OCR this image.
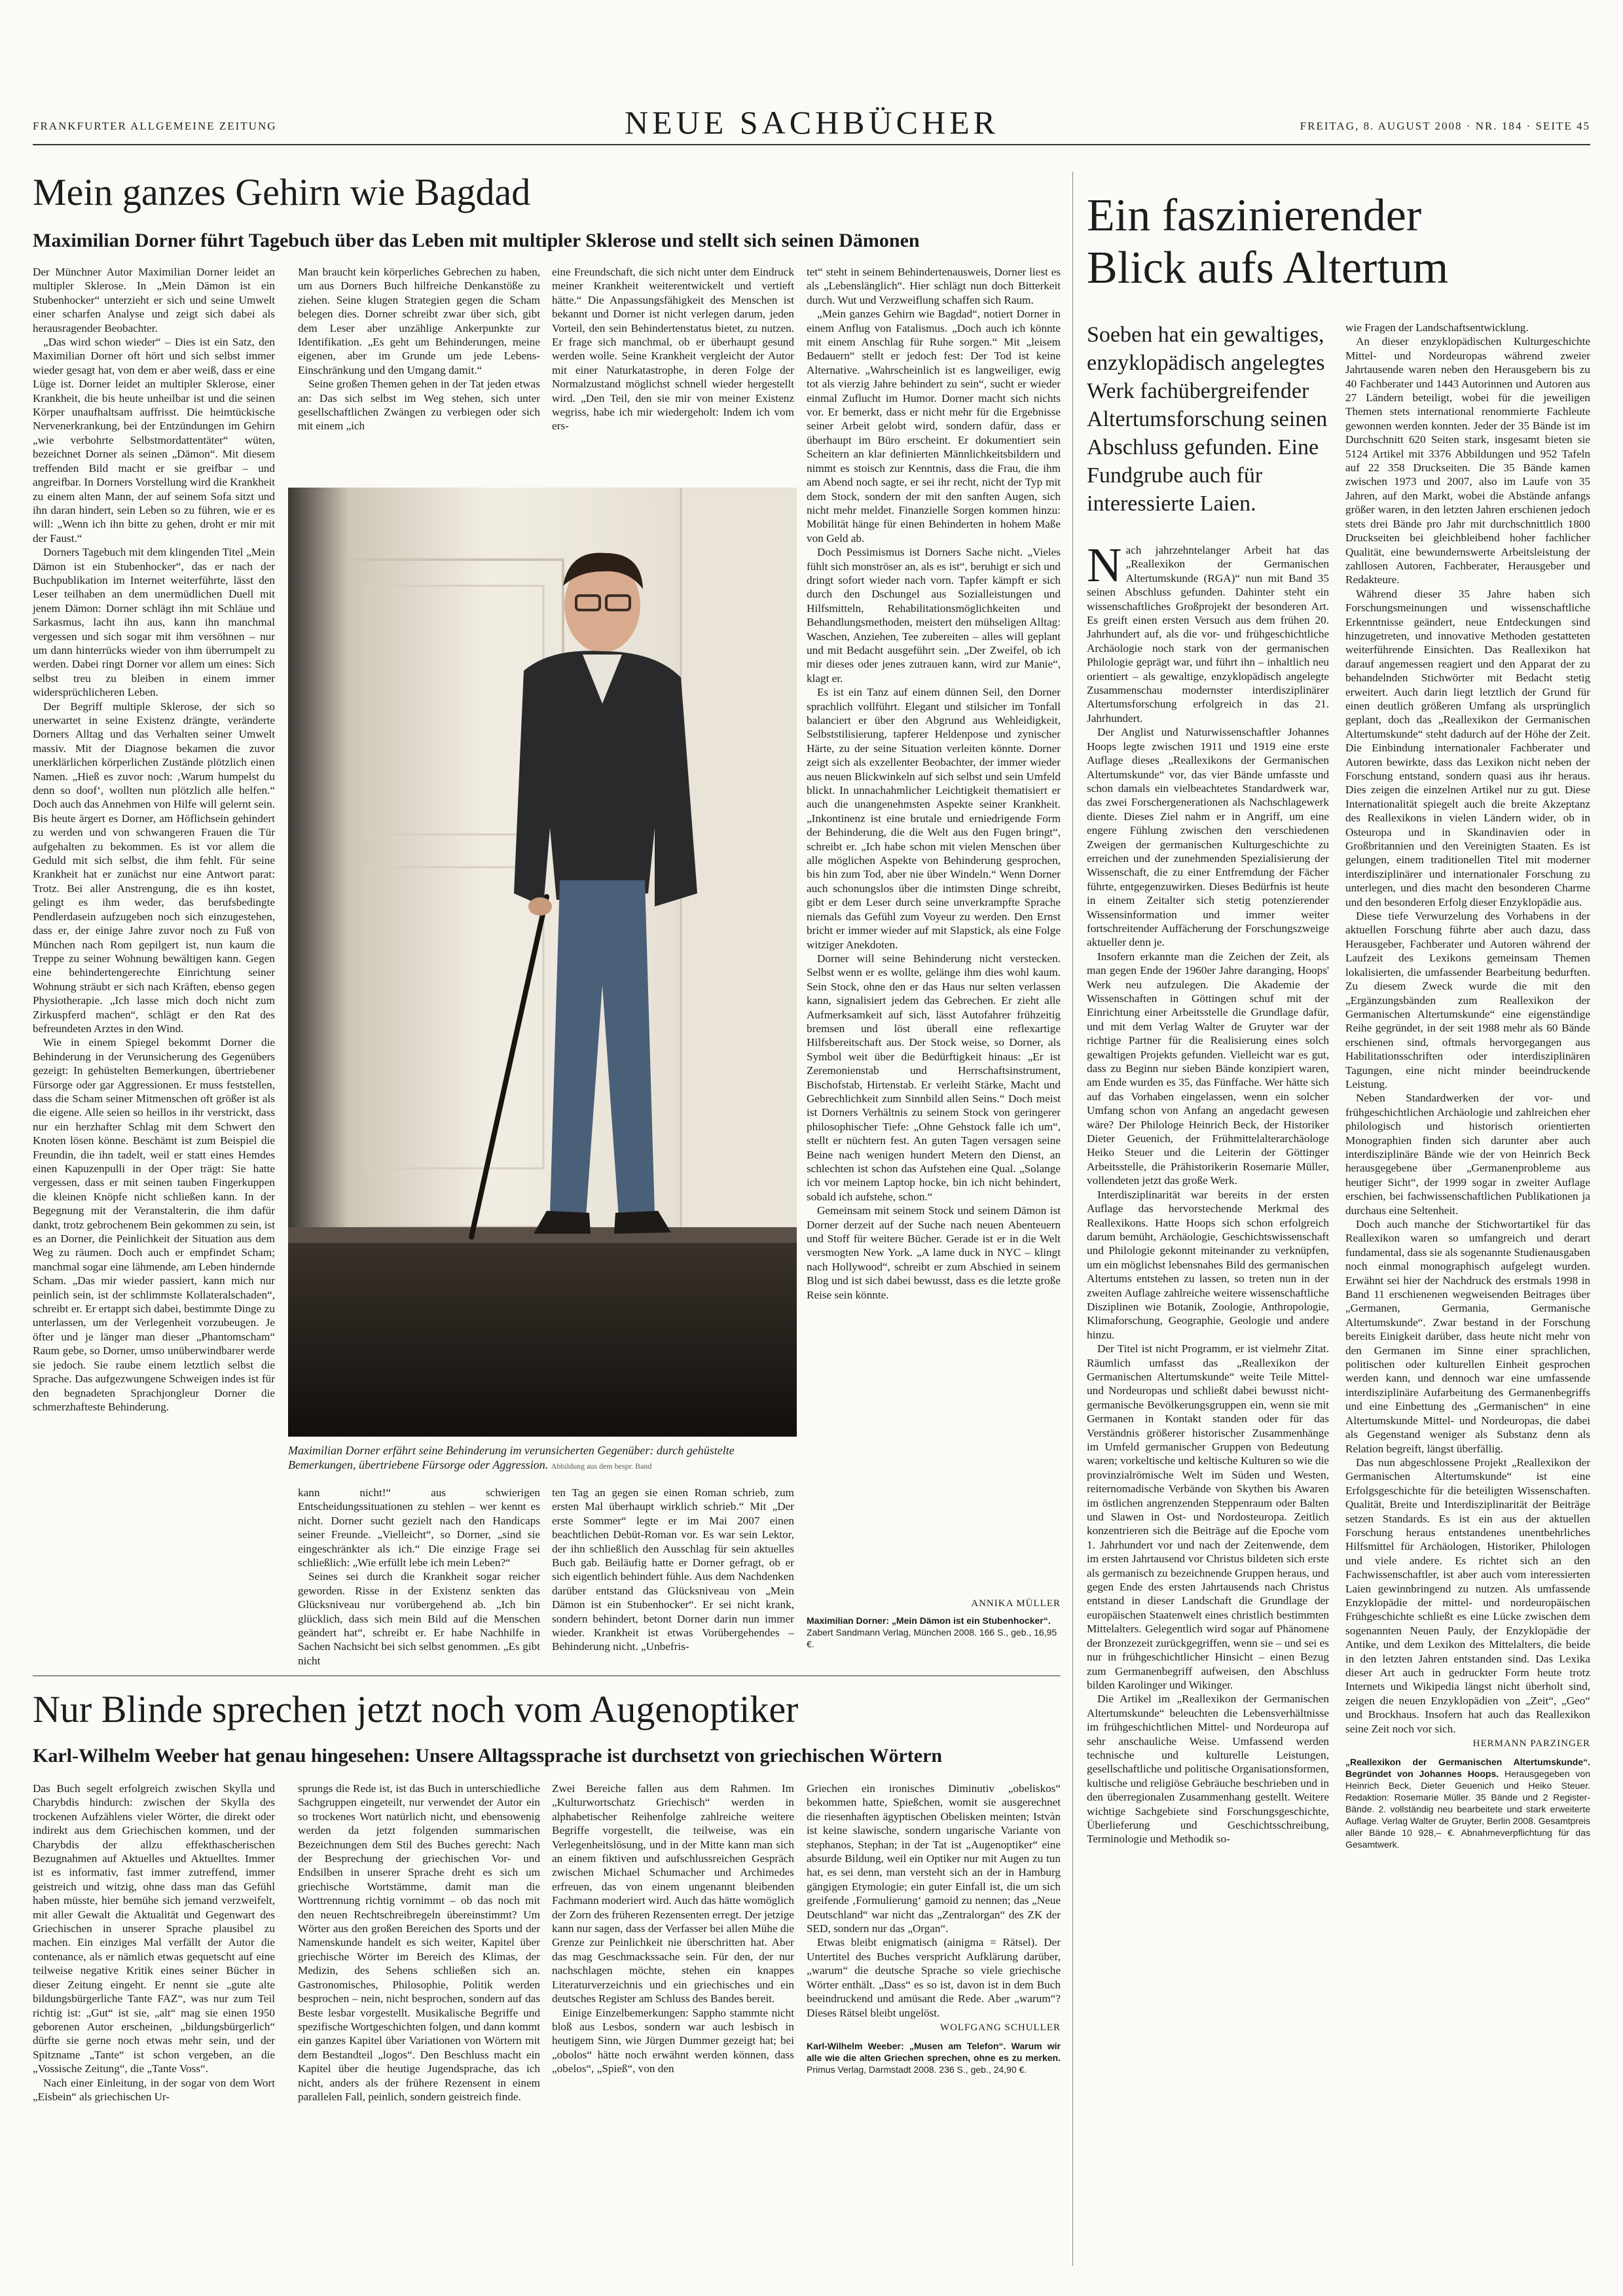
FRANKFURTER ALLGEMEINE ZEITUNG	NEUE SACHBÜCHER	FREITAG, 8. AUGUST 2008 · NR. 184 · SEITE 45
Mein ganzes Gehirn wie Bagdad
Maximilian Dorner führt Tagebuch über das Leben mit multipler Sklerose und stellt sich seinen Dämonen

Der Münchner Autor Maximilian Dorner leidet an multipler Sklerose. In „Mein Dämon ist ein Stubenhocker“ unterzieht er sich und seine Umwelt einer scharfen Analyse und zeigt sich dabei als herausragender Beobachter.

„Das wird schon wieder“ – Dies ist ein Satz, den Maximilian Dorner oft hört und sich selbst immer wieder gesagt hat, von dem er aber weiß, dass er eine Lüge ist. Dorner leidet an multipler Sklerose, einer Krankheit, die bis heute unheilbar ist und die seinen Körper unaufhaltsam auffrisst. Die heimtückische Nervenerkrankung, bei der Entzündungen im Gehirn „wie verbohrte Selbstmordattentäter“ wüten, bezeichnet Dorner als seinen „Dämon“. Mit diesem treffenden Bild macht er sie greifbar – und angreifbar. In Dorners Vorstellung wird die Krankheit zu einem alten Mann, der auf seinem Sofa sitzt und ihn daran hindert, sein Leben so zu führen, wie er es will: „Wenn ich ihn bitte zu gehen, droht er mir mit der Faust.“

Dorners Tagebuch mit dem klingenden Titel „Mein Dämon ist ein Stubenhocker“, das er nach der Buchpublikation im Internet weiterführte, lässt den Leser teilhaben an dem unermüdlichen Duell mit jenem Dämon: Dorner schlägt ihn mit Schläue und Sarkasmus, lacht ihn aus, kann ihn manchmal vergessen und sich sogar mit ihm versöhnen – nur um dann hinterrücks wieder von ihm überrumpelt zu werden. Dabei ringt Dorner vor allem um eines: Sich selbst treu zu bleiben in einem immer widersprüchlicheren Leben.

Der Begriff multiple Sklerose, der sich so unerwartet in seine Existenz drängte, veränderte Dorners Alltag und das Verhalten seiner Umwelt massiv. Mit der Diagnose bekamen die zuvor unerklärlichen körperlichen Zustände plötzlich einen Namen. „Hieß es zuvor noch: ‚Warum humpelst du denn so doof‘, wollten nun plötzlich alle helfen.“ Doch auch das Annehmen von Hilfe will gelernt sein. Bis heute ärgert es Dorner, am Höflichsein gehindert zu werden und von schwangeren Frauen die Tür aufgehalten zu bekommen. Es ist vor allem die Geduld mit sich selbst, die ihm fehlt. Für seine Krankheit hat er zunächst nur eine Antwort parat: Trotz. Bei aller Anstrengung, die es ihn kostet, gelingt es ihm weder, das berufsbedingte Pendlerdasein aufzugeben noch sich einzugestehen, dass er, der einige Jahre zuvor noch zu Fuß von München nach Rom gepilgert ist, nun kaum die Treppe zu seiner Wohnung bewältigen kann. Gegen eine behindertengerechte Einrichtung seiner Wohnung sträubt er sich nach Kräften, ebenso gegen Physiotherapie. „Ich lasse mich doch nicht zum Zirkuspferd machen“, schlägt er den Rat des befreundeten Arztes in den Wind.

Wie in einem Spiegel bekommt Dorner die Behinderung in der Verunsicherung des Gegenübers gezeigt: In gehüstelten Bemerkungen, übertriebener Fürsorge oder gar Aggressionen. Er muss feststellen, dass die Scham seiner Mitmenschen oft größer ist als die eigene. Alle seien so heillos in ihr verstrickt, dass nur ein herzhafter Schlag mit dem Schwert den Knoten lösen könne. Beschämt ist zum Beispiel die Freundin, die ihn tadelt, weil er statt eines Hemdes einen Kapuzenpulli in der Oper trägt: Sie hatte vergessen, dass er mit seinen tauben Fingerkuppen die kleinen Knöpfe nicht schließen kann. In der Begegnung mit der Veranstalterin, die ihm dafür dankt, trotz gebrochenem Bein gekommen zu sein, ist es an Dorner, die Peinlichkeit der Situation aus dem Weg zu räumen. Doch auch er empfindet Scham; manchmal sogar eine lähmende, am Leben hindernde Scham. „Das mir wieder passiert, kann mich nur peinlich sein, ist der schlimmste Kollateralschaden“, schreibt er. Er ertappt sich dabei, bestimmte Dinge zu unterlassen, um der Verlegenheit vorzubeugen. Je öfter und je länger man dieser „Phantomscham“ Raum gebe, so Dorner, umso unüberwindbarer werde sie jedoch. Sie raube einem letztlich selbst die Sprache. Das aufgezwungene Schweigen indes ist für den begnadeten Sprachjongleur Dorner die schmerzhafteste Behinderung.

Man braucht kein körperliches Gebrechen zu haben, um aus Dorners Buch hilfreiche Denkanstöße zu ziehen. Seine klugen Strategien gegen die Scham belegen dies. Dorner schreibt zwar über sich, gibt dem Leser aber unzählige Ankerpunkte zur Identifikation. „Es geht um Behinderungen, meine eigenen, aber im Grunde um jede Lebens-Einschränkung und den Umgang damit.“

Seine großen Themen gehen in der Tat jeden etwas an: Das sich selbst im Weg stehen, sich unter gesellschaftlichen Zwängen zu verbiegen oder sich mit einem „ich

eine Freundschaft, die sich nicht unter dem Eindruck meiner Krankheit weiterentwickelt und vertieft hätte.“ Die Anpassungsfähigkeit des Menschen ist bekannt und Dorner ist nicht verlegen darum, jeden Vorteil, den sein Behindertenstatus bietet, zu nutzen. Er frage sich manchmal, ob er überhaupt gesund werden wolle. Seine Krankheit vergleicht der Autor mit einer Naturkatastrophe, in deren Folge der Normalzustand möglichst schnell wieder hergestellt wird. „Den Teil, den sie mir von meiner Existenz wegriss, habe ich mir wiedergeholt: Indem ich vom ers-

tet“ steht in seinem Behindertenausweis, Dorner liest es als „Lebenslänglich“. Hier schlägt nun doch Bitterkeit durch. Wut und Verzweiflung schaffen sich Raum.

„Mein ganzes Gehirn wie Bagdad“, notiert Dorner in einem Anflug von Fatalismus. „Doch auch ich könnte mit einem Anschlag für Ruhe sorgen.“ Mit „leisem Bedauern“ stellt er jedoch fest: Der Tod ist keine Alternative. „Wahrscheinlich ist es langweiliger, ewig tot als vierzig Jahre behindert zu sein“, sucht er wieder einmal Zuflucht im Humor. Dorner macht sich nichts vor. Er bemerkt, dass er nicht mehr für die Ergebnisse seiner Arbeit gelobt wird, sondern dafür, dass er überhaupt im Büro erscheint. Er dokumentiert sein Scheitern an klar definierten Männlichkeitsbildern und nimmt es stoisch zur Kenntnis, dass die Frau, die ihm am Abend noch sagte, er sei ihr recht, nicht der Typ mit dem Stock, sondern der mit den sanften Augen, sich nicht mehr meldet. Finanzielle Sorgen kommen hinzu: Mobilität hänge für einen Behinderten in hohem Maße von Geld ab.

Doch Pessimismus ist Dorners Sache nicht. „Vieles fühlt sich monströser an, als es ist“, beruhigt er sich und dringt sofort wieder nach vorn. Tapfer kämpft er sich durch den Dschungel aus Sozialleistungen und Hilfsmitteln, Rehabilitationsmöglichkeiten und Behandlungsmethoden, meistert den mühseligen Alltag: Waschen, Anziehen, Tee zubereiten – alles will geplant und mit Bedacht ausgeführt sein. „Der Zweifel, ob ich mir dieses oder jenes zutrauen kann, wird zur Manie“, klagt er.

Es ist ein Tanz auf einem dünnen Seil, den Dorner sprachlich vollführt. Elegant und stilsicher im Tonfall balanciert er über den Abgrund aus Wehleidigkeit, Selbststilisierung, tapferer Heldenpose und zynischer Härte, zu der seine Situation verleiten könnte. Dorner zeigt sich als exzellenter Beobachter, der immer wieder aus neuen Blickwinkeln auf sich selbst und sein Umfeld blickt. In unnachahmlicher Leichtigkeit thematisiert er auch die unangenehmsten Aspekte seiner Krankheit. „Inkontinenz ist eine brutale und erniedrigende Form der Behinderung, die die Welt aus den Fugen bringt“, schreibt er. „Ich habe schon mit vielen Menschen über alle möglichen Aspekte von Behinderung gesprochen, bis hin zum Tod, aber nie über Windeln.“ Wenn Dorner auch schonungslos über die intimsten Dinge schreibt, gibt er dem Leser durch seine unverkrampfte Sprache niemals das Gefühl zum Voyeur zu werden. Den Ernst bricht er immer wieder auf mit Slapstick, als eine Folge witziger Anekdoten.

Dorner will seine Behinderung nicht verstecken. Selbst wenn er es wollte, gelänge ihm dies wohl kaum. Sein Stock, ohne den er das Haus nur selten verlassen kann, signalisiert jedem das Gebrechen. Er zieht alle Aufmerksamkeit auf sich, lässt Autofahrer frühzeitig bremsen und löst überall eine reflexartige Hilfsbereitschaft aus. Der Stock weise, so Dorner, als Symbol weit über die Bedürftigkeit hinaus: „Er ist Zeremonienstab und Herrschaftsinstrument, Bischofstab, Hirtenstab. Er verleiht Stärke, Macht und Gebrechlichkeit zum Sinnbild allen Seins.“ Doch meist ist Dorners Verhältnis zu seinem Stock von geringerer philosophischer Tiefe: „Ohne Gehstock falle ich um“, stellt er nüchtern fest. An guten Tagen versagen seine Beine nach wenigen hundert Metern den Dienst, an schlechten ist schon das Aufstehen eine Qual. „Solange ich vor meinem Laptop hocke, bin ich nicht behindert, sobald ich aufstehe, schon.“

Gemeinsam mit seinem Stock und seinem Dämon ist Dorner derzeit auf der Suche nach neuen Abenteuern und Stoff für weitere Bücher. Gerade ist er in die Welt versmogten New York. „A lame duck in NYC – klingt nach Hollywood“, schreibt er zum Abschied in seinem Blog und ist sich dabei bewusst, dass es die letzte große Reise sein könnte.

Maximilian Dorner erfährt seine Behinderung im verunsicherten Gegenüber: durch gehüstelte Bemerkungen, übertriebene Fürsorge oder Aggression. Abbildung aus dem bespr. Band

kann nicht!“ aus schwierigen Entscheidungssituationen zu stehlen – wer kennt es nicht. Dorner sucht gezielt nach den Handicaps seiner Freunde. „Vielleicht“, so Dorner, „sind sie eingeschränkter als ich.“ Die einzige Frage sei schließlich: „Wie erfüllt lebe ich mein Leben?“

Seines sei durch die Krankheit sogar reicher geworden. Risse in der Existenz senkten das Glücksniveau nur vorübergehend ab. „Ich bin glücklich, dass sich mein Bild auf die Menschen geändert hat“, schreibt er. Er habe Nachhilfe in Sachen Nachsicht bei sich selbst genommen. „Es gibt nicht

ten Tag an gegen sie einen Roman schrieb, zum ersten Mal überhaupt wirklich schrieb.“ Mit „Der erste Sommer“ legte er im Mai 2007 einen beachtlichen Debüt-Roman vor. Es war sein Lektor, der ihn schließlich den Ausschlag für sein aktuelles Buch gab. Beiläufig hatte er Dorner gefragt, ob er sich eigentlich behindert fühle. Aus dem Nachdenken darüber entstand das Glücksniveau von „Mein Dämon ist ein Stubenhocker“. Er sei nicht krank, sondern behindert, betont Dorner darin nun immer wieder. Krankheit ist etwas Vorübergehendes – Behinderung nicht. „Unbefris-

ANNIKA MÜLLER
Maximilian Dorner: „Mein Dämon ist ein Stubenhocker“. Zabert Sandmann Verlag, München 2008. 166 S., geb., 16,95 €.
Nur Blinde sprechen jetzt noch vom Augenoptiker
Karl-Wilhelm Weeber hat genau hingesehen: Unsere Alltagssprache ist durchsetzt von griechischen Wörtern

Das Buch segelt erfolgreich zwischen Skylla und Charybdis hindurch: zwischen der Skylla des trockenen Aufzählens vieler Wörter, die direkt oder indirekt aus dem Griechischen kommen, und der Charybdis der allzu effekthascherischen Bezugnahmen auf Aktuelles und Aktuelltes. Immer ist es informativ, fast immer zutreffend, immer geistreich und witzig, ohne dass man das Gefühl haben müsste, hier bemühe sich jemand verzweifelt, mit aller Gewalt die Aktualität und Gegenwart des Griechischen in unserer Sprache plausibel zu machen. Ein einziges Mal verfällt der Autor die contenance, als er nämlich etwas gequetscht auf eine teilweise negative Kritik eines seiner Bücher in dieser Zeitung eingeht. Er nennt sie „gute alte bildungsbürgerliche Tante FAZ“, was nur zum Teil richtig ist: „Gut“ ist sie, „alt“ mag sie einen 1950 geborenen Autor erscheinen, „bildungsbürgerlich“ dürfte sie gerne noch etwas mehr sein, und der Spitzname „Tante“ ist schon vergeben, an die „Vossische Zeitung“, die „Tante Voss“.

Nach einer Einleitung, in der sogar von dem Wort „Eisbein“ als griechischen Ur-

sprungs die Rede ist, ist das Buch in unterschiedliche Sachgruppen eingeteilt, nur verwendet der Autor ein so trockenes Wort natürlich nicht, und ebensowenig werden da jetzt folgenden summarischen Bezeichnungen dem Stil des Buches gerecht: Nach der Besprechung der griechischen Vor- und Endsilben in unserer Sprache dreht es sich um griechische Wortstämme, damit man die Worttrennung richtig vornimmt – ob das noch mit den neuen Rechtschreibregeln übereinstimmt? Um Wörter aus den großen Bereichen des Sports und der Namenskunde handelt es sich weiter, Kapitel über griechische Wörter im Bereich des Klimas, der Medizin, des Sehens schließen sich an. Gastronomisches, Philosophie, Politik werden besprochen – nein, nicht besprochen, sondern auf das Beste lesbar vorgestellt. Musikalische Begriffe und spezifische Wortgeschichten folgen, und dann kommt ein ganzes Kapitel über Variationen von Wörtern mit dem Bestandteil „logos“. Den Beschluss macht ein Kapitel über die heutige Jugendsprache, das ich nicht, anders als der frühere Rezensent in einem parallelen Fall, peinlich, sondern geistreich finde.

Zwei Bereiche fallen aus dem Rahmen. Im „Kulturwortschatz Griechisch“ werden in alphabetischer Reihenfolge zahlreiche weitere Begriffe vorgestellt, die teilweise, was ein Verlegenheitslösung, und in der Mitte kann man sich an einem fiktiven und aufschlussreichen Gespräch zwischen Michael Schumacher und Archimedes erfreuen, das von einem ungenannt bleibenden Fachmann moderiert wird. Auch das hätte womöglich der Zorn des früheren Rezensenten erregt. Der jetzige kann nur sagen, dass der Verfasser bei allen Mühe die Grenze zur Peinlichkeit nie überschritten hat. Aber das mag Geschmackssache sein. Für den, der nur nachschlagen möchte, stehen ein knappes Literaturverzeichnis und ein griechisches und ein deutsches Register am Schluss des Bandes bereit.

Einige Einzelbemerkungen: Sappho stammte nicht bloß aus Lesbos, sondern war auch lesbisch in heutigem Sinn, wie Jürgen Dummer gezeigt hat; bei „obolos“ hätte noch erwähnt werden können, dass „obelos“, „Spieß“, von den

Griechen ein ironisches Diminutiv „obeliskos“ bekommen hatte, Spießchen, womit sie ausgerechnet die riesenhaften ägyptischen Obelisken meinten; Istvàn ist keine slawische, sondern ungarische Variante von stephanos, Stephan; in der Tat ist „Augenoptiker“ eine absurde Bildung, weil ein Optiker nur mit Augen zu tun hat, es sei denn, man versteht sich an der in Hamburg gängigen Etymologie; ein guter Einfall ist, die um sich greifende ‚Formulierung‘ gamoid zu nennen; das „Neue Deutschland“ war nicht das „Zentralorgan“ des ZK der SED, sondern nur das „Organ“.

Etwas bleibt enigmatisch (ainigma = Rätsel). Der Untertitel des Buches verspricht Aufklärung darüber, „warum“ die deutsche Sprache so viele griechische Wörter enthält. „Dass“ es so ist, davon ist in dem Buch beeindruckend und amüsant die Rede. Aber „warum“? Dieses Rätsel bleibt ungelöst.

WOLFGANG SCHULLER
Karl-Wilhelm Weeber: „Musen am Telefon“. Warum wir alle wie die alten Griechen sprechen, ohne es zu merken. Primus Verlag, Darmstadt 2008. 236 S., geb., 24,90 €.
Ein faszinierender
Blick aufs Altertum
Soeben hat ein gewaltiges, enzyklopädisch angelegtes Werk fachübergreifender Altertumsforschung seinen Abschluss gefunden. Eine Fundgrube auch für interessierte Laien.
N ach jahrzehntelanger Arbeit hat das „Reallexikon der Germanischen Altertumskunde (RGA)“ nun mit Band 35 seinen Abschluss gefunden. Dahinter steht ein wissenschaftliches Großprojekt der besonderen Art. Es greift einen ersten Versuch aus dem frühen 20. Jahrhundert auf, als die vor- und frühgeschichtliche Archäologie noch stark von der germanischen Philologie geprägt war, und führt ihn – inhaltlich neu orientiert – als gewaltige, enzyklopädisch angelegte Zusammenschau modernster interdisziplinärer Altertumsforschung erfolgreich in das 21. Jahrhundert.

Der Anglist und Naturwissenschaftler Johannes Hoops legte zwischen 1911 und 1919 eine erste Auflage dieses „Reallexikons der Germanischen Altertumskunde“ vor, das vier Bände umfasste und schon damals ein vielbeachtetes Standardwerk war, das zwei Forschergenerationen als Nachschlagewerk diente. Dieses Ziel nahm er in Angriff, um eine engere Fühlung zwischen den verschiedenen Zweigen der germanischen Kulturgeschichte zu erreichen und der zunehmenden Spezialisierung der Wissenschaft, die zu einer Entfremdung der Fächer führte, entgegenzuwirken. Dieses Bedürfnis ist heute in einem Zeitalter sich stetig potenzierender Wissensinformation und immer weiter fortschreitender Auffächerung der Forschungszweige aktueller denn je.

Insofern erkannte man die Zeichen der Zeit, als man gegen Ende der 1960er Jahre daranging, Hoops' Werk neu aufzulegen. Die Akademie der Wissenschaften in Göttingen schuf mit der Einrichtung einer Arbeitsstelle die Grundlage dafür, und mit dem Verlag Walter de Gruyter war der richtige Partner für die Realisierung eines solch gewaltigen Projekts gefunden. Vielleicht war es gut, dass zu Beginn nur sieben Bände konzipiert waren, am Ende wurden es 35, das Fünffache. Wer hätte sich auf das Vorhaben eingelassen, wenn ein solcher Umfang schon von Anfang an angedacht gewesen wäre? Der Philologe Heinrich Beck, der Historiker Dieter Geuenich, der Frühmittelalterarchäologe Heiko Steuer und die Leiterin der Göttinger Arbeitsstelle, die Prähistorikerin Rosemarie Müller, vollendeten jetzt das große Werk.

Interdisziplinarität war bereits in der ersten Auflage das hervorstechende Merkmal des Reallexikons. Hatte Hoops sich schon erfolgreich darum bemüht, Archäologie, Geschichtswissenschaft und Philologie gekonnt miteinander zu verknüpfen, um ein möglichst lebensnahes Bild des germanischen Altertums entstehen zu lassen, so treten nun in der zweiten Auflage zahlreiche weitere wissenschaftliche Disziplinen wie Botanik, Zoologie, Anthropologie, Klimaforschung, Geographie, Geologie und andere hinzu.

Der Titel ist nicht Programm, er ist vielmehr Zitat. Räumlich umfasst das „Reallexikon der Germanischen Altertumskunde“ weite Teile Mittel- und Nordeuropas und schließt dabei bewusst nicht-germanische Bevölkerungsgruppen ein, wenn sie mit Germanen in Kontakt standen oder für das Verständnis größerer historischer Zusammenhänge im Umfeld germanischer Gruppen von Bedeutung waren; vorkeltische und keltische Kulturen so wie die provinzialrömische Welt im Süden und Westen, reiternomadische Verbände von Skythen bis Awaren im östlichen angrenzenden Steppenraum oder Balten und Slawen in Ost- und Nordosteuropa. Zeitlich konzentrieren sich die Beiträge auf die Epoche vom 1. Jahrhundert vor und nach der Zeitenwende, dem im ersten Jahrtausend vor Christus bildeten sich erste als germanisch zu bezeichnende Gruppen heraus, und gegen Ende des ersten Jahrtausends nach Christus entstand in dieser Landschaft die Grundlage der europäischen Staatenwelt eines christlich bestimmten Mittelalters. Gelegentlich wird sogar auf Phänomene der Bronzezeit zurückgegriffen, wenn sie – und sei es nur in frühgeschichtlicher Hinsicht – einen Bezug zum Germanenbegriff aufweisen, den Abschluss bilden Karolinger und Wikinger.

Die Artikel im „Reallexikon der Germanischen Altertumskunde“ beleuchten die Lebensverhältnisse im frühgeschichtlichen Mittel- und Nordeuropa auf sehr anschauliche Weise. Umfassend werden technische und kulturelle Leistungen, gesellschaftliche und politische Organisationsformen, kultische und religiöse Gebräuche beschrieben und in den überregionalen Zusammenhang gestellt. Weitere wichtige Sachgebiete sind Forschungsgeschichte, Überlieferung und Geschichtsschreibung, Terminologie und Methodik so-

wie Fragen der Landschaftsentwicklung.

An dieser enzyklopädischen Kulturgeschichte Mittel- und Nordeuropas während zweier Jahrtausende waren neben den Herausgebern bis zu 40 Fachberater und 1443 Autorinnen und Autoren aus 27 Ländern beteiligt, wobei für die jeweiligen Themen stets international renommierte Fachleute gewonnen werden konnten. Jeder der 35 Bände ist im Durchschnitt 620 Seiten stark, insgesamt bieten sie 5124 Artikel mit 3376 Abbildungen und 952 Tafeln auf 22 358 Druckseiten. Die 35 Bände kamen zwischen 1973 und 2007, also im Laufe von 35 Jahren, auf den Markt, wobei die Abstände anfangs größer waren, in den letzten Jahren erschienen jedoch stets drei Bände pro Jahr mit durchschnittlich 1800 Druckseiten bei gleichbleibend hoher fachlicher Qualität, eine bewundernswerte Arbeitsleistung der zahllosen Autoren, Fachberater, Herausgeber und Redakteure.

Während dieser 35 Jahre haben sich Forschungsmeinungen und wissenschaftliche Erkenntnisse geändert, neue Entdeckungen sind hinzugetreten, und innovative Methoden gestatteten weiterführende Einsichten. Das Reallexikon hat darauf angemessen reagiert und den Apparat der zu behandelnden Stichwörter mit Bedacht stetig erweitert. Auch darin liegt letztlich der Grund für einen deutlich größeren Umfang als ursprünglich geplant, doch das „Reallexikon der Germanischen Altertumskunde“ steht dadurch auf der Höhe der Zeit. Die Einbindung internationaler Fachberater und Autoren bewirkte, dass das Lexikon nicht neben der Forschung entstand, sondern quasi aus ihr heraus. Dies zeigen die einzelnen Artikel nur zu gut. Diese Internationalität spiegelt auch die breite Akzeptanz des Reallexikons in vielen Ländern wider, ob in Osteuropa und in Skandinavien oder in Großbritannien und den Vereinigten Staaten. Es ist gelungen, einem traditionellen Titel mit moderner interdisziplinärer und internationaler Forschung zu unterlegen, und dies macht den besonderen Charme und den besonderen Erfolg dieser Enzyklopädie aus.

Diese tiefe Verwurzelung des Vorhabens in der aktuellen Forschung führte aber auch dazu, dass Herausgeber, Fachberater und Autoren während der Laufzeit des Lexikons gemeinsam Themen lokalisierten, die umfassender Bearbeitung bedurften. Zu diesem Zweck wurde die mit den „Ergänzungsbänden zum Reallexikon der Germanischen Altertumskunde“ eine eigenständige Reihe gegründet, in der seit 1988 mehr als 60 Bände erschienen sind, oftmals hervorgegangen aus Habilitationsschriften oder interdisziplinären Tagungen, eine nicht minder beeindruckende Leistung.

Neben Standardwerken der vor- und frühgeschichtlichen Archäologie und zahlreichen eher philologisch und historisch orientierten Monographien finden sich darunter aber auch interdisziplinäre Bände wie der von Heinrich Beck herausgegebene über „Germanenprobleme aus heutiger Sicht“, der 1999 sogar in zweiter Auflage erschien, bei fachwissenschaftlichen Publikationen ja durchaus eine Seltenheit.

Doch auch manche der Stichwortartikel für das Reallexikon waren so umfangreich und derart fundamental, dass sie als sogenannte Studienausgaben noch einmal monographisch aufgelegt wurden. Erwähnt sei hier der Nachdruck des erstmals 1998 in Band 11 erschienenen wegweisenden Beitrages über „Germanen, Germania, Germanische Altertumskunde“. Zwar bestand in der Forschung bereits Einigkeit darüber, dass heute nicht mehr von den Germanen im Sinne einer sprachlichen, politischen oder kulturellen Einheit gesprochen werden kann, und dennoch war eine umfassende interdisziplinäre Aufarbeitung des Germanenbegriffs und eine Einbettung des „Germanischen“ in eine Altertumskunde Mittel- und Nordeuropas, die dabei als Gegenstand weniger als Substanz denn als Relation begreift, längst überfällig.

Das nun abgeschlossene Projekt „Reallexikon der Germanischen Altertumskunde“ ist eine Erfolgsgeschichte für die beteiligten Wissenschaften. Qualität, Breite und Interdisziplinarität der Beiträge setzen Standards. Es ist ein aus der aktuellen Forschung heraus entstandenes unentbehrliches Hilfsmittel für Archäologen, Historiker, Philologen und viele andere. Es richtet sich an den Fachwissenschaftler, ist aber auch vom interessierten Laien gewinnbringend zu nutzen. Als umfassende Enzyklopädie der mittel- und nordeuropäischen Frühgeschichte schließt es eine Lücke zwischen dem sogenannten Neuen Pauly, der Enzyklopädie der Antike, und dem Lexikon des Mittelalters, die beide in den letzten Jahren entstanden sind. Das Lexika dieser Art auch in gedruckter Form heute trotz Internets und Wikipedia längst nicht überholt sind, zeigen die neuen Enzyklopädien von „Zeit“, „Geo“ und Brockhaus. Insofern hat auch das Reallexikon seine Zeit noch vor sich.

HERMANN PARZINGER
„Reallexikon der Germanischen Altertumskunde“. Begründet von Johannes Hoops. Herausgegeben von Heinrich Beck, Dieter Geuenich und Heiko Steuer. Redaktion: Rosemarie Müller. 35 Bände und 2 Register-Bände. 2. vollständig neu bearbeitete und stark erweiterte Auflage. Verlag Walter de Gruyter, Berlin 2008. Gesamtpreis aller Bände 10 928,– €. Abnahmeverpflichtung für das Gesamtwerk.
